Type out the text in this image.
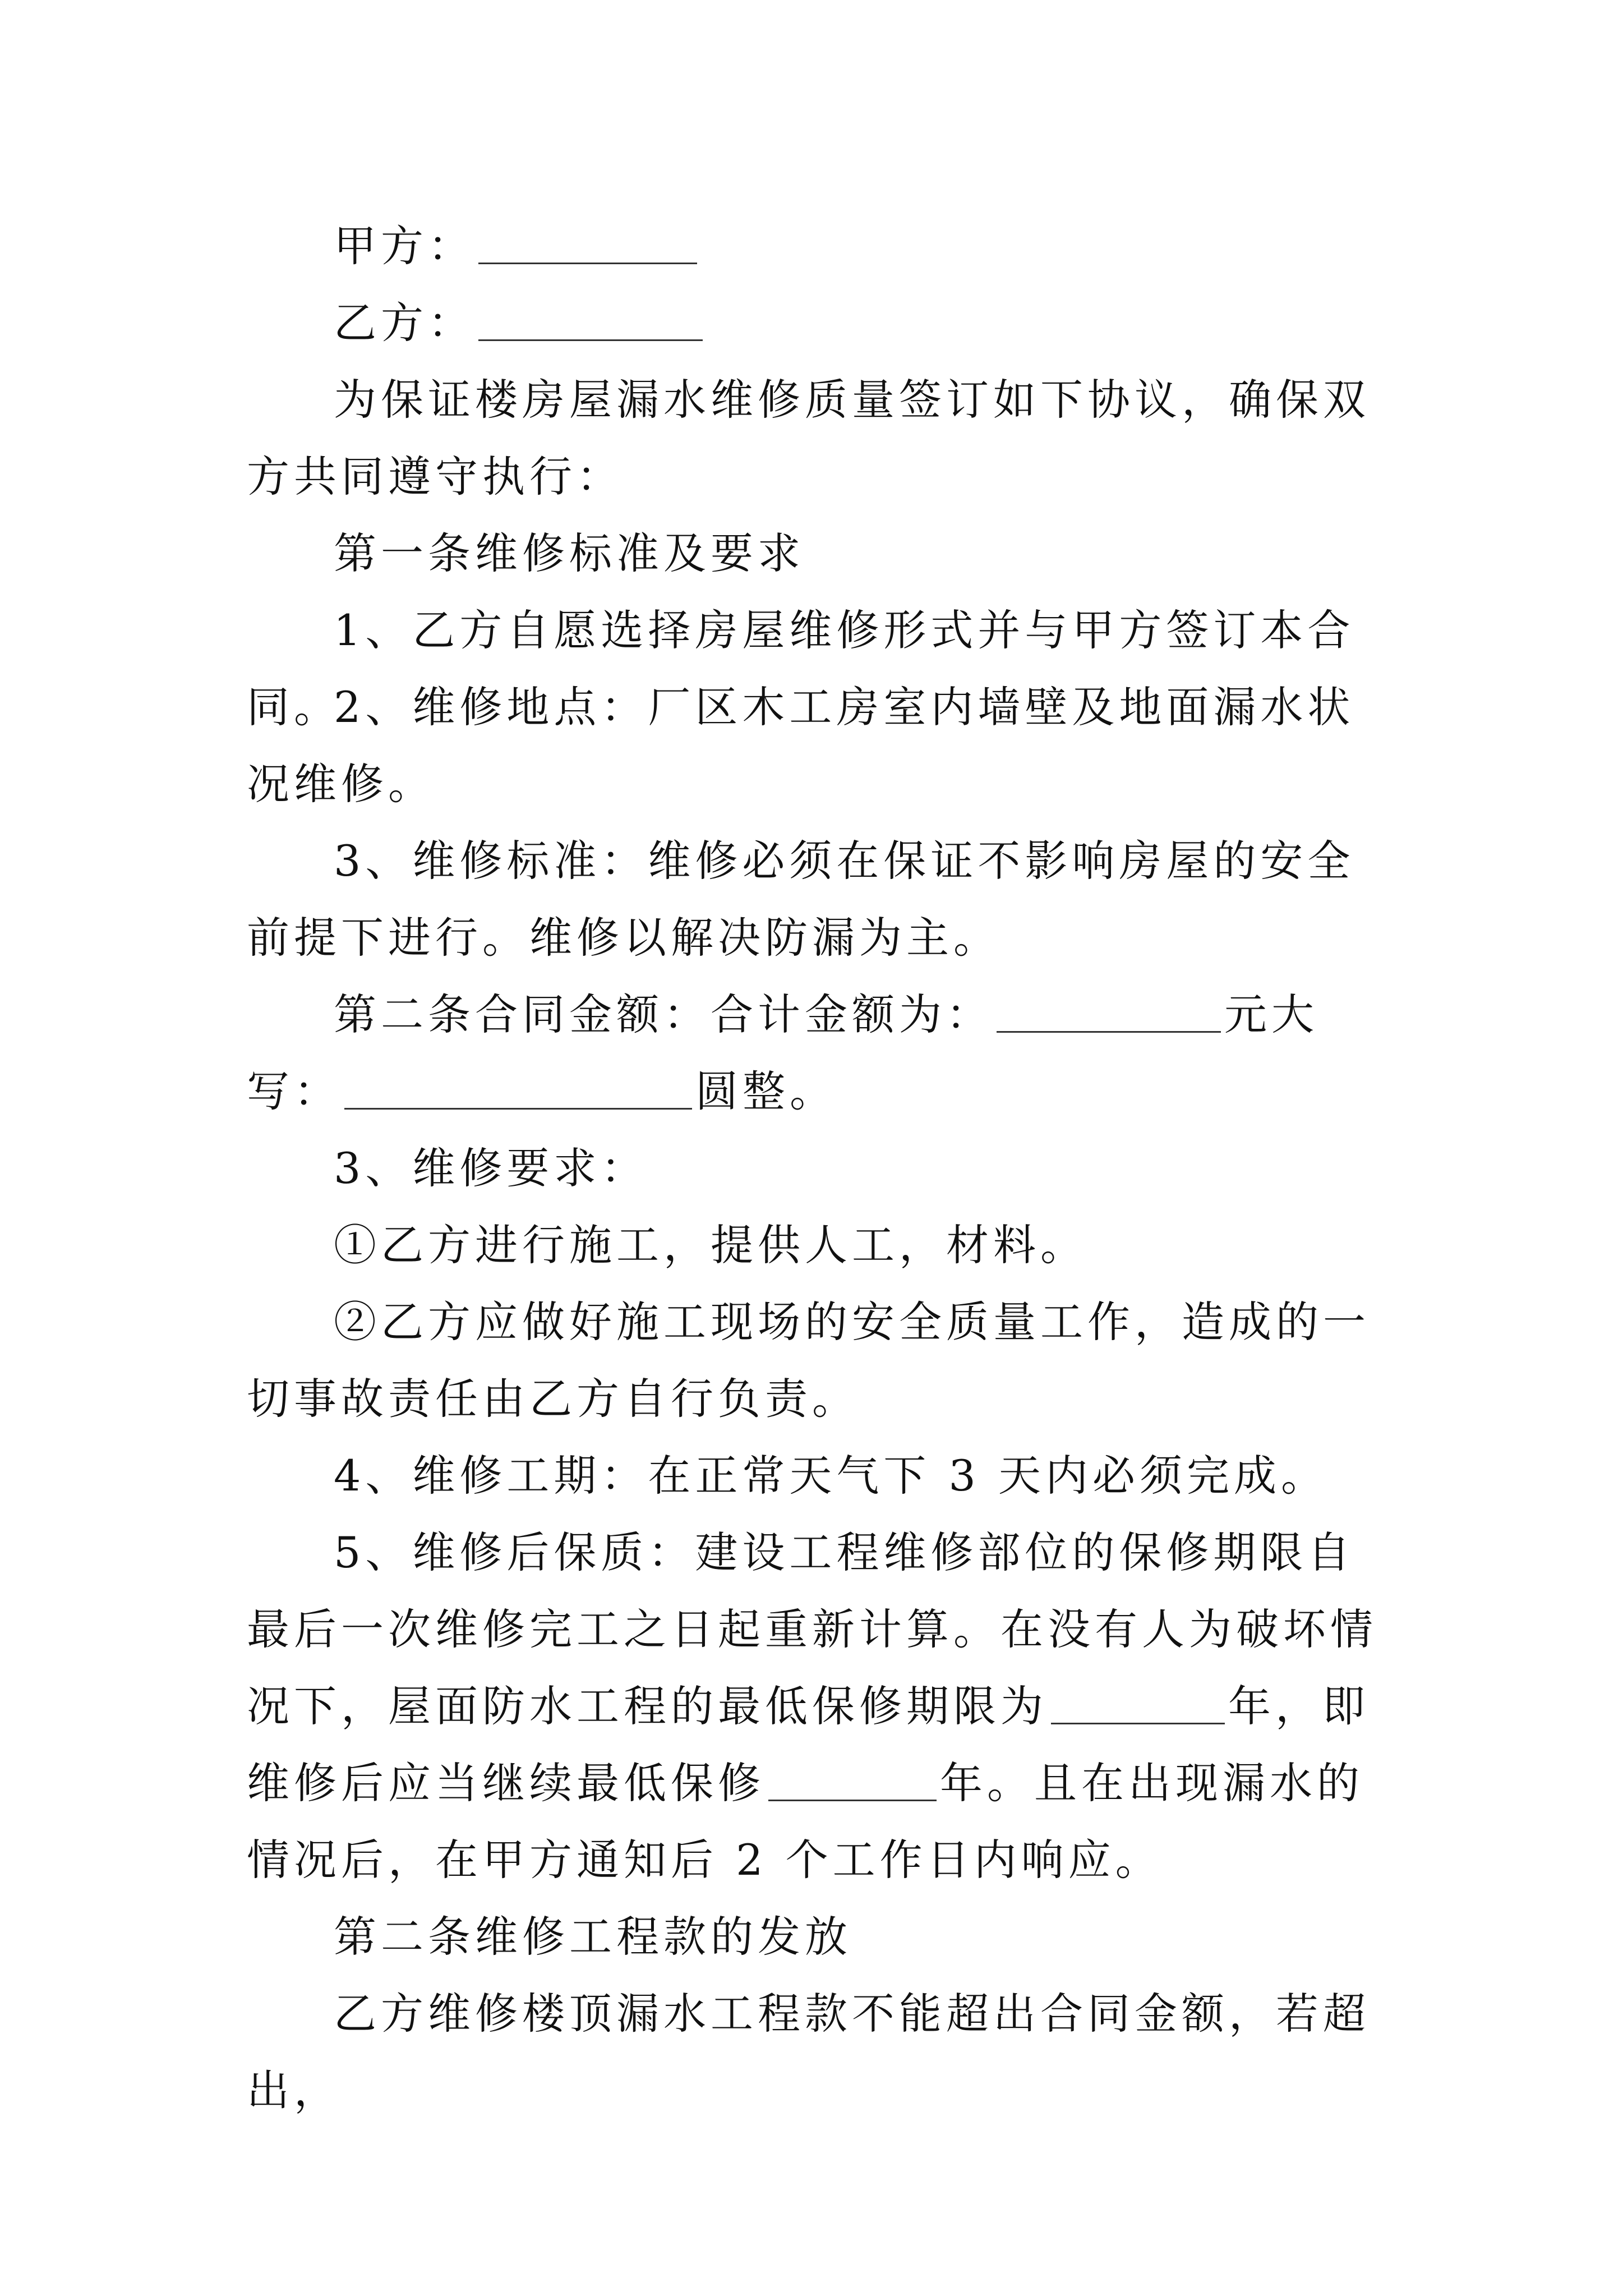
甲方：

乙方：

为保证楼房屋漏水维修质量签订如下协议，确保双方共同遵守执行：

第一条维修标准及要求

1、乙方自愿选择房屋维修形式并与甲方签订本合同。

2、维修地点：厂区木工房室内墙壁及地面漏水状况维修。

3、维修标准：维修必须在保证不影响房屋的安全前提下进行。维修以解决防漏为主。

第二条合同金额：合计金额为：	元大写：	圆整。

3、维修要求：

①乙方进行施工，提供人工，材料。

②乙方应做好施工现场的安全质量工作，造成的一切事故责任由乙方自行负责。

4、维修工期：在正常天气下 3 天内必须完成。

5、维修后保质：建设工程维修部位的保修期限自最后一次维修完工之日起重新计算。在没有人为破坏情况下，屋面防水工程的最低保修期限为	年，即维修后应当继续最低保修	年。且在出现漏水的情况后，在甲方通知后 2 个工作日内响应。

第二条维修工程款的发放

乙方维修楼顶漏水工程款不能超出合同金额，若超出，
